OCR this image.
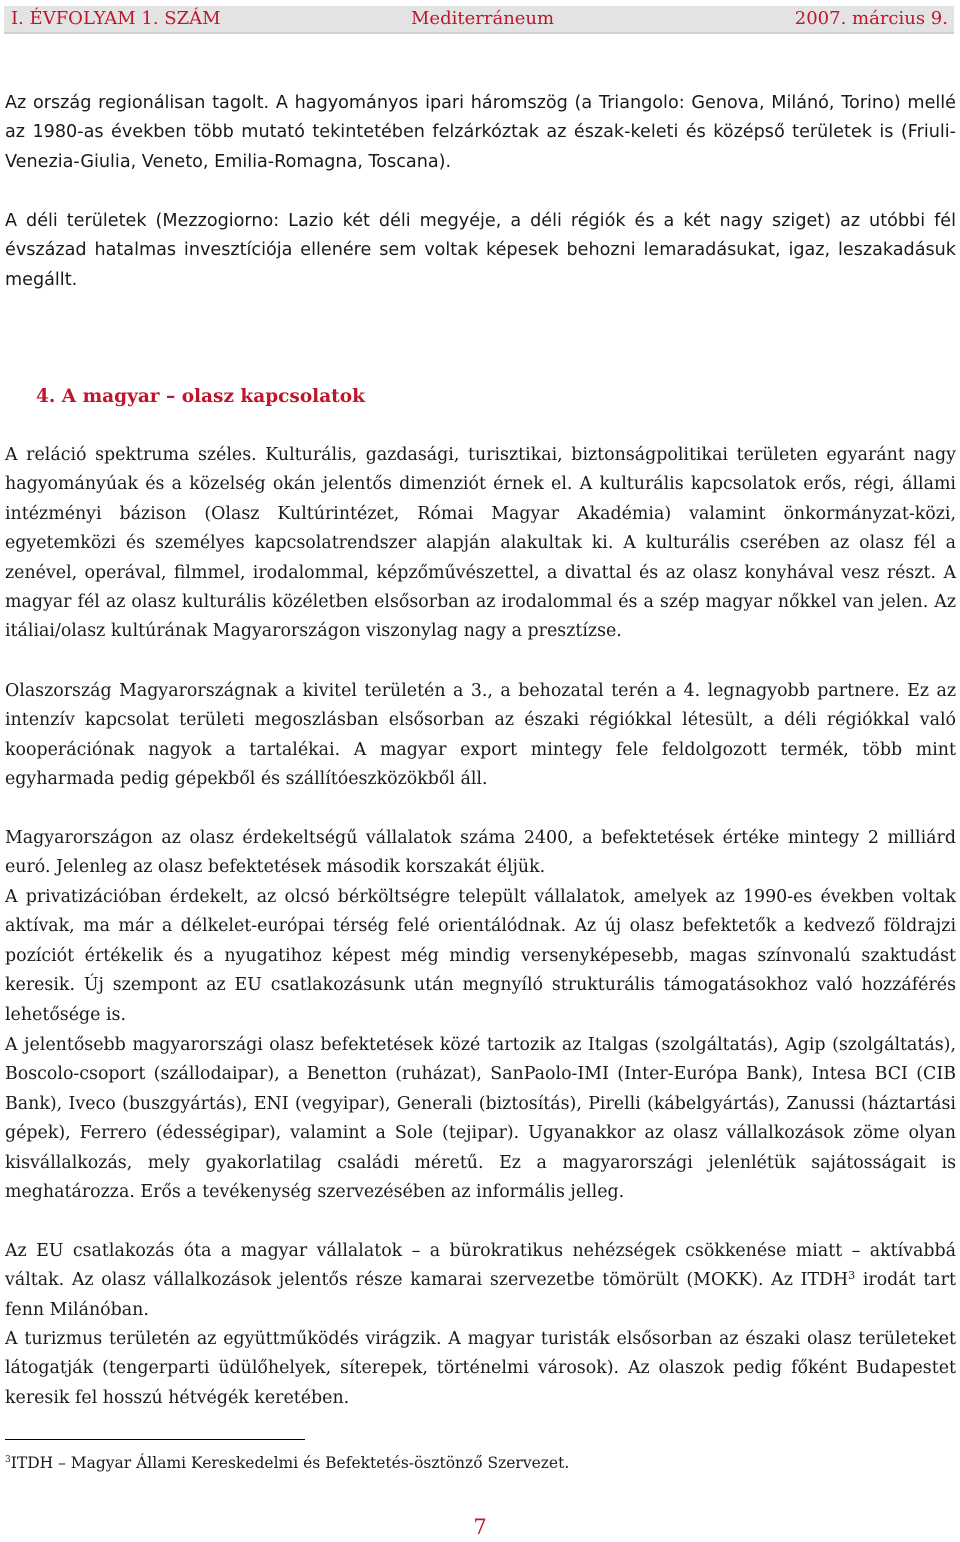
I. ÉVFOLYAM 1. SZÁM	Mediterráneum	2007. március 9.

Az ország regionálisan tagolt. A hagyományos ipari háromszög (a Triangolo: Genova, Milánó, Torino) mellé az 1980-as években több mutató tekintetében felzárkóztak az észak-keleti és középső területek is (Friuli-Venezia-Giulia, Veneto, Emilia-Romagna, Toscana).

A déli területek (Mezzogiorno: Lazio két déli megyéje, a déli régiók és a két nagy sziget) az utóbbi fél évszázad hatalmas invesztíciója ellenére sem voltak képesek behozni lemaradásukat, igaz, leszakadásuk megállt.

4. A magyar – olasz kapcsolatok

A reláció spektruma széles. Kulturális, gazdasági, turisztikai, biztonságpolitikai területen egyaránt nagy hagyományúak és a közelség okán jelentős dimenziót érnek el. A kulturális kapcsolatok erős, régi, állami intézményi bázison (Olasz Kultúrintézet, Római Magyar Akadémia) valamint önkormányzat-közi, egyetemközi és személyes kapcsolatrendszer alapján alakultak ki. A kulturális cserében az olasz fél a zenével, operával, filmmel, irodalommal, képzőművészettel, a divattal és az olasz konyhával vesz részt. A magyar fél az olasz kulturális közéletben elsősorban az irodalommal és a szép magyar nőkkel van jelen. Az itáliai/olasz kultúrának Magyarországon viszonylag nagy a presztízse.

Olaszország Magyarországnak a kivitel területén a 3., a behozatal terén a 4. legnagyobb partnere. Ez az intenzív kapcsolat területi megoszlásban elsősorban az északi régiókkal létesült, a déli régiókkal való kooperációnak nagyok a tartalékai. A magyar export mintegy fele feldolgozott termék, több mint egyharmada pedig gépekből és szállítóeszközökből áll.

Magyarországon az olasz érdekeltségű vállalatok száma 2400, a befektetések értéke mintegy 2 milliárd euró. Jelenleg az olasz befektetések második korszakát éljük.

A privatizációban érdekelt, az olcsó bérköltségre települt vállalatok, amelyek az 1990-es években voltak aktívak, ma már a délkelet-európai térség felé orientálódnak. Az új olasz befektetők a kedvező földrajzi pozíciót értékelik és a nyugatihoz képest még mindig versenyképesebb, magas színvonalú szaktudást keresik. Új szempont az EU csatlakozásunk után megnyíló strukturális támogatásokhoz való hozzáférés lehetősége is.

A jelentősebb magyarországi olasz befektetések közé tartozik az Italgas (szolgáltatás), Agip (szolgáltatás), Boscolo-csoport (szállodaipar), a Benetton (ruházat), SanPaolo-IMI (Inter-Európa Bank), Intesa BCI (CIB Bank), Iveco (buszgyártás), ENI (vegyipar), Generali (biztosítás), Pirelli (kábelgyártás), Zanussi (háztartási gépek), Ferrero (édességipar), valamint a Sole (tejipar). Ugyanakkor az olasz vállalkozások zöme olyan kisvállalkozás, mely gyakorlatilag családi méretű. Ez a magyarországi jelenlétük sajátosságait is meghatározza. Erős a tevékenység szervezésében az informális jelleg.

Az EU csatlakozás óta a magyar vállalatok – a bürokratikus nehézségek csökkenése miatt – aktívabbá váltak. Az olasz vállalkozások jelentős része kamarai szervezetbe tömörült (MOKK). Az ITDH$^3$ irodát tart fenn Milánóban.

A turizmus területén az együttműködés virágzik. A magyar turisták elsősorban az északi olasz területeket látogatják (tengerparti üdülőhelyek, síterepek, történelmi városok). Az olaszok pedig főként Budapestet keresik fel hosszú hétvégék keretében.

$^3$ITDH – Magyar Állami Kereskedelmi és Befektetés-ösztönző Szervezet.
7
